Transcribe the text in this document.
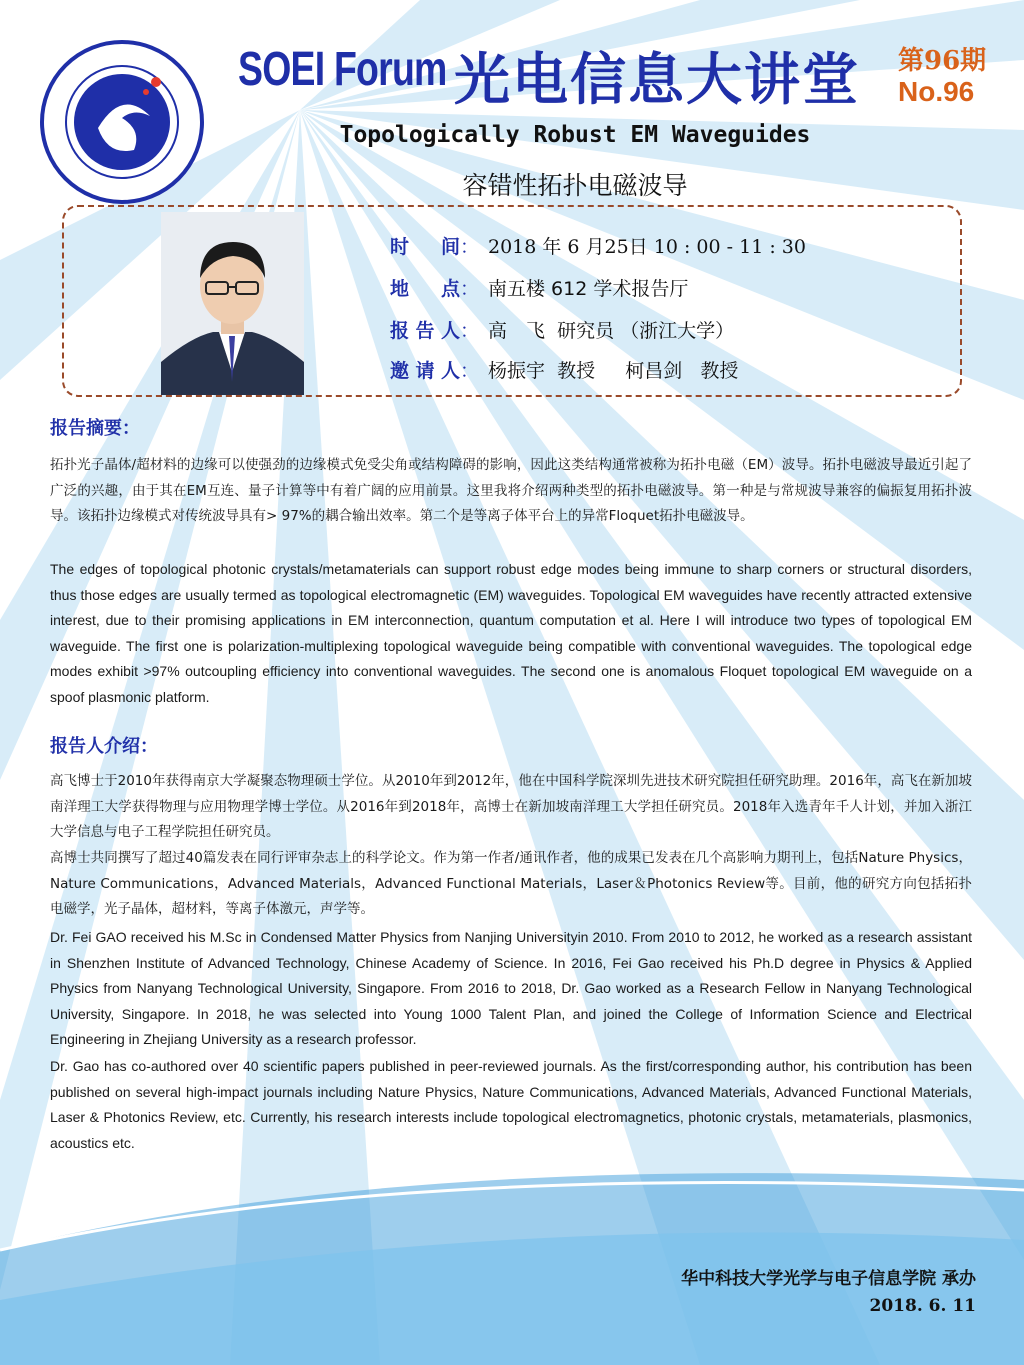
SOEI Forum 光电信息大讲堂 第96期
No.96
Topologically Robust EM Waveguides
容错性拓扑电磁波导
时 间： 2018 年 6 月25日 10 : 00 - 11 : 30
地 点： 南五楼 612 学术报告厅
报告人： 高　飞  研究员 （浙江大学）
邀请人： 杨振宇  教授     柯昌剑   教授
报告摘要：

拓扑光子晶体/超材料的边缘可以使强劲的边缘模式免受尖角或结构障碍的影响，因此这类结构通常被称为拓扑电磁（EM）波导。拓扑电磁波导最近引起了广泛的兴趣，由于其在EM互连、量子计算等中有着广阔的应用前景。这里我将介绍两种类型的拓扑电磁波导。第一种是与常规波导兼容的偏振复用拓扑波导。该拓扑边缘模式对传统波导具有> 97%的耦合输出效率。第二个是等离子体平台上的异常Floquet拓扑电磁波导。

The edges of topological photonic crystals/metamaterials can support robust edge modes being immune to sharp corners or structural disorders, thus those edges are usually termed as topological electromagnetic (EM) waveguides. Topological EM waveguides have recently attracted extensive interest, due to their promising applications in EM interconnection, quantum computation et al. Here I will introduce two types of topological EM waveguide. The first one is polarization-multiplexing topological waveguide being compatible with conventional waveguides. The topological edge modes exhibit >97% outcoupling efficiency into conventional waveguides. The second one is anomalous Floquet topological EM waveguide on a spoof plasmonic platform.

报告人介绍：

高飞博士于2010年获得南京大学凝聚态物理硕士学位。从2010年到2012年，他在中国科学院深圳先进技术研究院担任研究助理。2016年，高飞在新加坡南洋理工大学获得物理与应用物理学博士学位。从2016年到2018年，高博士在新加坡南洋理工大学担任研究员。2018年入选青年千人计划，并加入浙江大学信息与电子工程学院担任研究员。

高博士共同撰写了超过40篇发表在同行评审杂志上的科学论文。作为第一作者/通讯作者，他的成果已发表在几个高影响力期刊上，包括Nature Physics，Nature Communications，Advanced Materials，Advanced Functional Materials，Laser＆Photonics Review等。目前，他的研究方向包括拓扑电磁学，光子晶体，超材料，等离子体激元，声学等。

Dr. Fei GAO received his M.Sc in Condensed Matter Physics from Nanjing Universityin 2010. From 2010 to 2012, he worked as a research assistant in Shenzhen Institute of Advanced Technology, Chinese Academy of Science. In 2016, Fei Gao received his Ph.D degree in Physics & Applied Physics from Nanyang Technological University, Singapore. From 2016 to 2018, Dr. Gao worked as a Research Fellow in Nanyang Technological University, Singapore. In 2018, he was selected into Young 1000 Talent Plan, and joined the College of Information Science and Electrical Engineering in Zhejiang University as a research professor.

Dr. Gao has co-authored over 40 scientific papers published in peer-reviewed journals. As the first/corresponding author, his contribution has been published on several high-impact journals including Nature Physics, Nature Communications, Advanced Materials, Advanced Functional Materials, Laser & Photonics Review, etc. Currently, his research interests include topological electromagnetics, photonic crystals, metamaterials, plasmonics, acoustics etc.

华中科技大学光学与电子信息学院 承办
2018. 6. 11
